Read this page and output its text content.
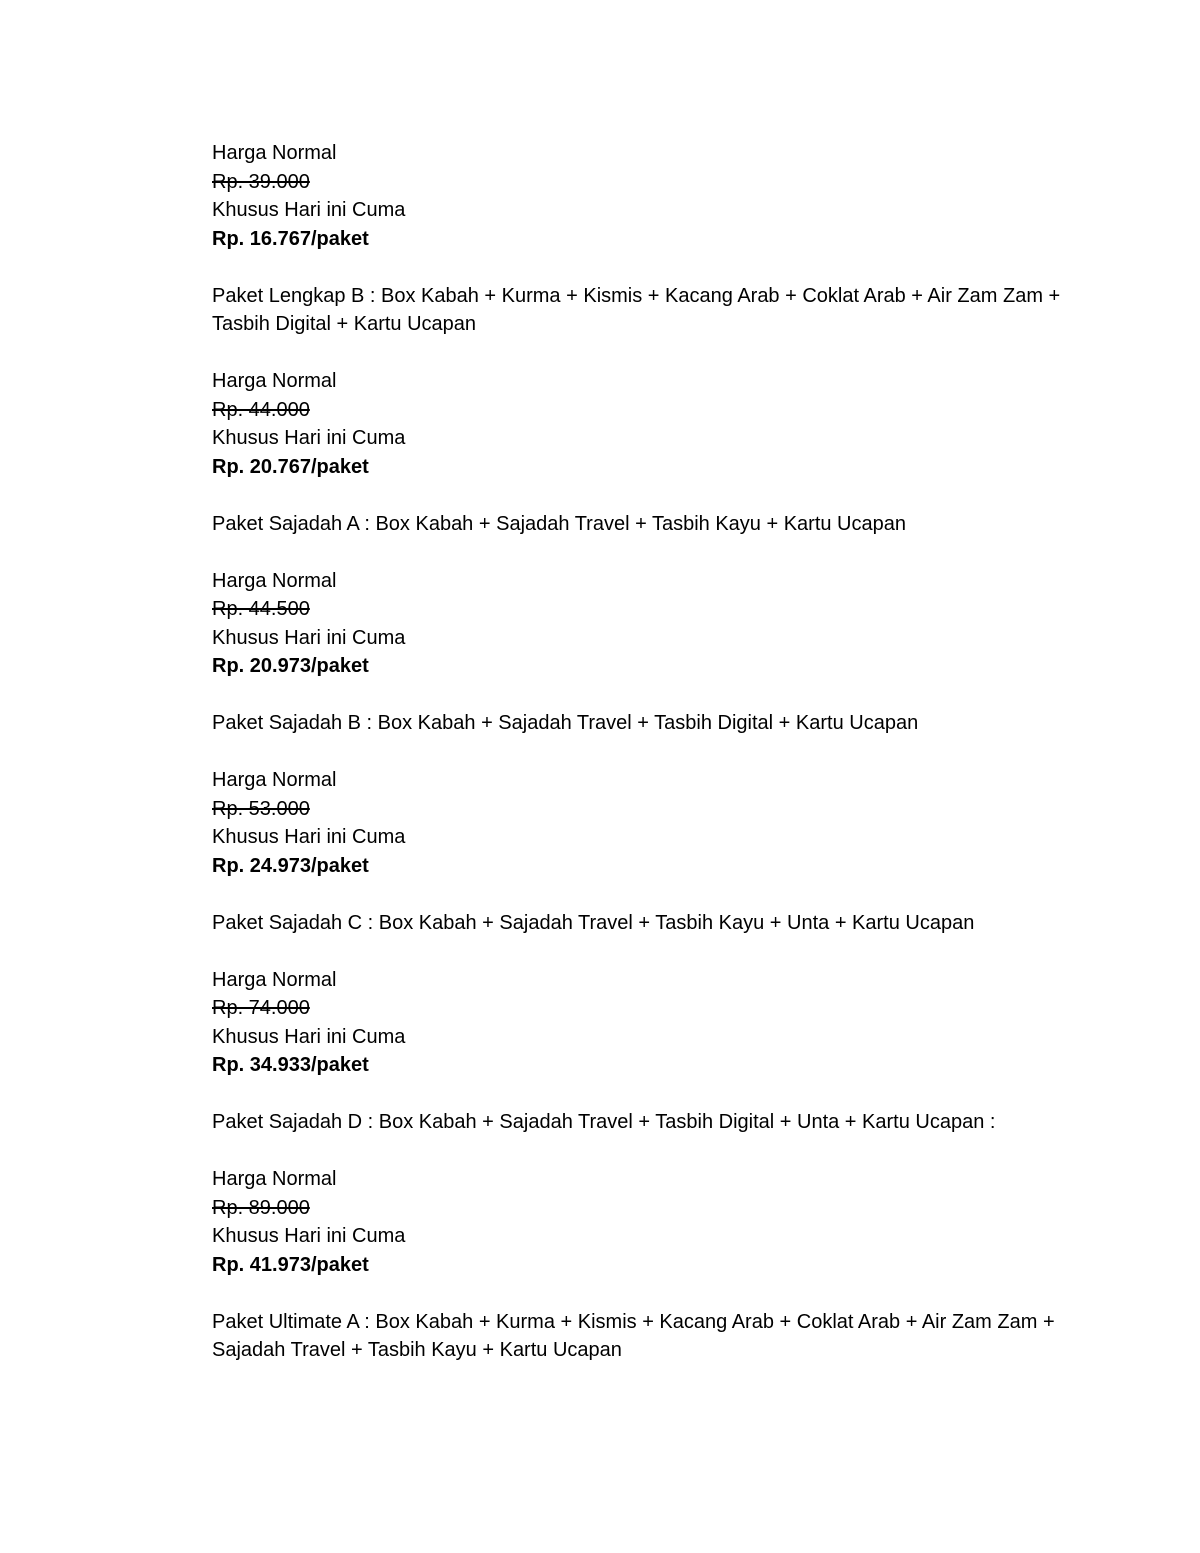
Harga Normal
Rp. 39.000
Khusus Hari ini Cuma
Rp. 16.767/paket
Paket Lengkap B : Box Kabah + Kurma + Kismis + Kacang Arab + Coklat Arab + Air Zam Zam + Tasbih Digital + Kartu Ucapan
Harga Normal
Rp. 44.000
Khusus Hari ini Cuma
Rp. 20.767/paket
Paket Sajadah A : Box Kabah + Sajadah Travel + Tasbih Kayu + Kartu Ucapan
Harga Normal
Rp. 44.500
Khusus Hari ini Cuma
Rp. 20.973/paket
Paket Sajadah B : Box Kabah + Sajadah Travel + Tasbih Digital + Kartu Ucapan
Harga Normal
Rp. 53.000
Khusus Hari ini Cuma
Rp. 24.973/paket
Paket Sajadah C : Box Kabah + Sajadah Travel + Tasbih Kayu + Unta + Kartu Ucapan
Harga Normal
Rp. 74.000
Khusus Hari ini Cuma
Rp. 34.933/paket
Paket Sajadah D : Box Kabah + Sajadah Travel + Tasbih Digital + Unta + Kartu Ucapan :
Harga Normal
Rp. 89.000
Khusus Hari ini Cuma
Rp. 41.973/paket
Paket Ultimate A : Box Kabah + Kurma + Kismis + Kacang Arab + Coklat Arab + Air Zam Zam + Sajadah Travel + Tasbih Kayu + Kartu Ucapan
